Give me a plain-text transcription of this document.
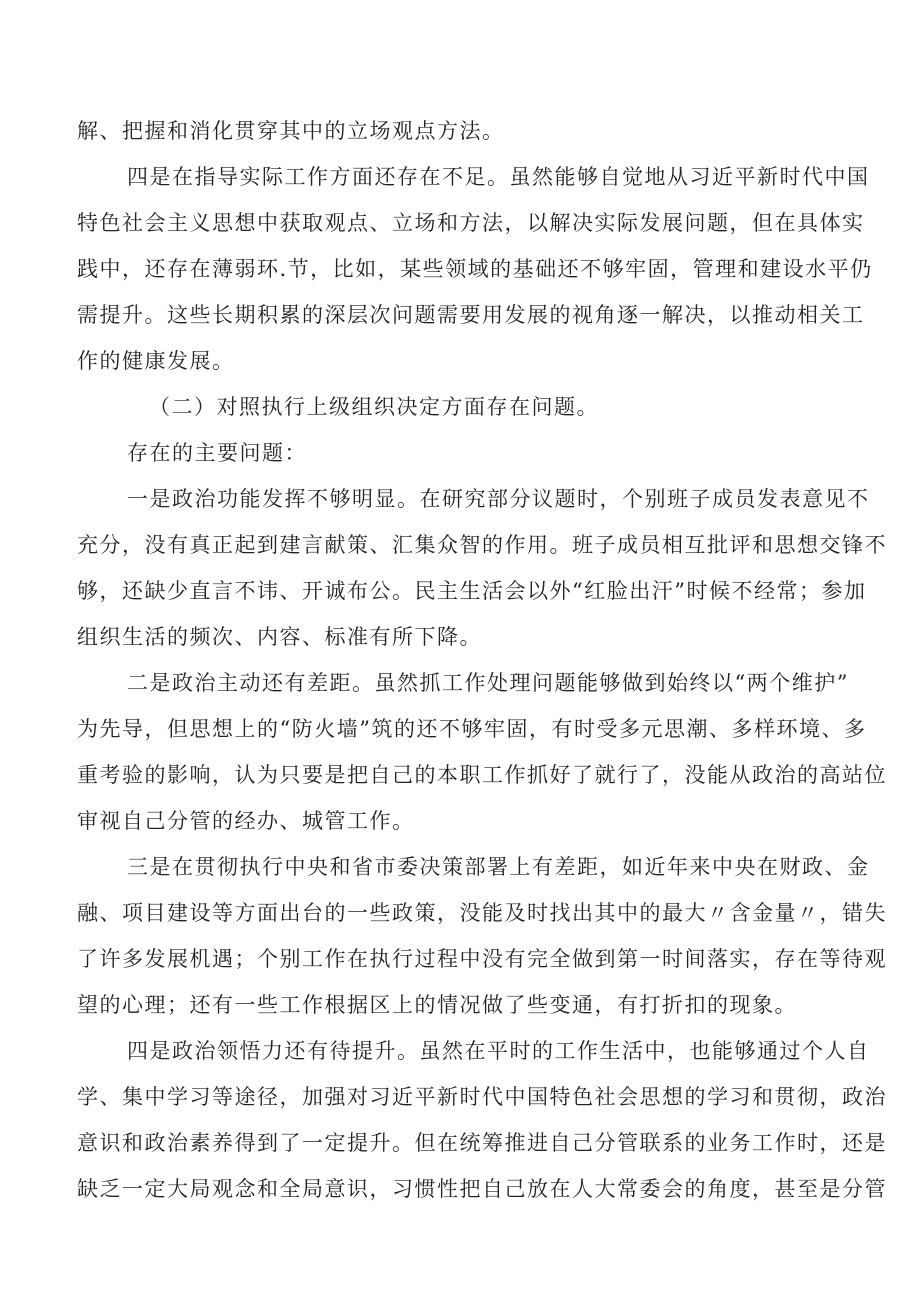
解、把握和消化贯穿其中的立场观点方法。
四是在指导实际工作方面还存在不足。虽然能够自觉地从习近平新时代中国
特色社会主义思想中获取观点、立场和方法，以解决实际发展问题，但在具体实
践中，还存在薄弱环.节，比如，某些领域的基础还不够牢固，管理和建设水平仍
需提升。这些长期积累的深层次问题需要用发展的视角逐一解决，以推动相关工
作的健康发展。
（二）对照执行上级组织决定方面存在问题。
存在的主要问题：
一是政治功能发挥不够明显。在研究部分议题时，个别班子成员发表意见不
充分，没有真正起到建言献策、汇集众智的作用。班子成员相互批评和思想交锋不
够，还缺少直言不讳、开诚布公。民主生活会以外“红脸出汗”时候不经常；参加
组织生活的频次、内容、标准有所下降。
二是政治主动还有差距。虽然抓工作处理问题能够做到始终以“两个维护”
为先导，但思想上的“防火墙”筑的还不够牢固，有时受多元思潮、多样环境、多
重考验的影响，认为只要是把自己的本职工作抓好了就行了，没能从政治的高站位
审视自己分管的经办、城管工作。
三是在贯彻执行中央和省市委决策部署上有差距，如近年来中央在财政、金
融、项目建设等方面出台的一些政策，没能及时找出其中的最大〃含金量〃，错失
了许多发展机遇；个别工作在执行过程中没有完全做到第一时间落实，存在等待观
望的心理；还有一些工作根据区上的情况做了些变通，有打折扣的现象。
四是政治领悟力还有待提升。虽然在平时的工作生活中，也能够通过个人自
学、集中学习等途径，加强对习近平新时代中国特色社会思想的学习和贯彻，政治
意识和政治素养得到了一定提升。但在统筹推进自己分管联系的业务工作时，还是
缺乏一定大局观念和全局意识，习惯性把自己放在人大常委会的角度，甚至是分管
